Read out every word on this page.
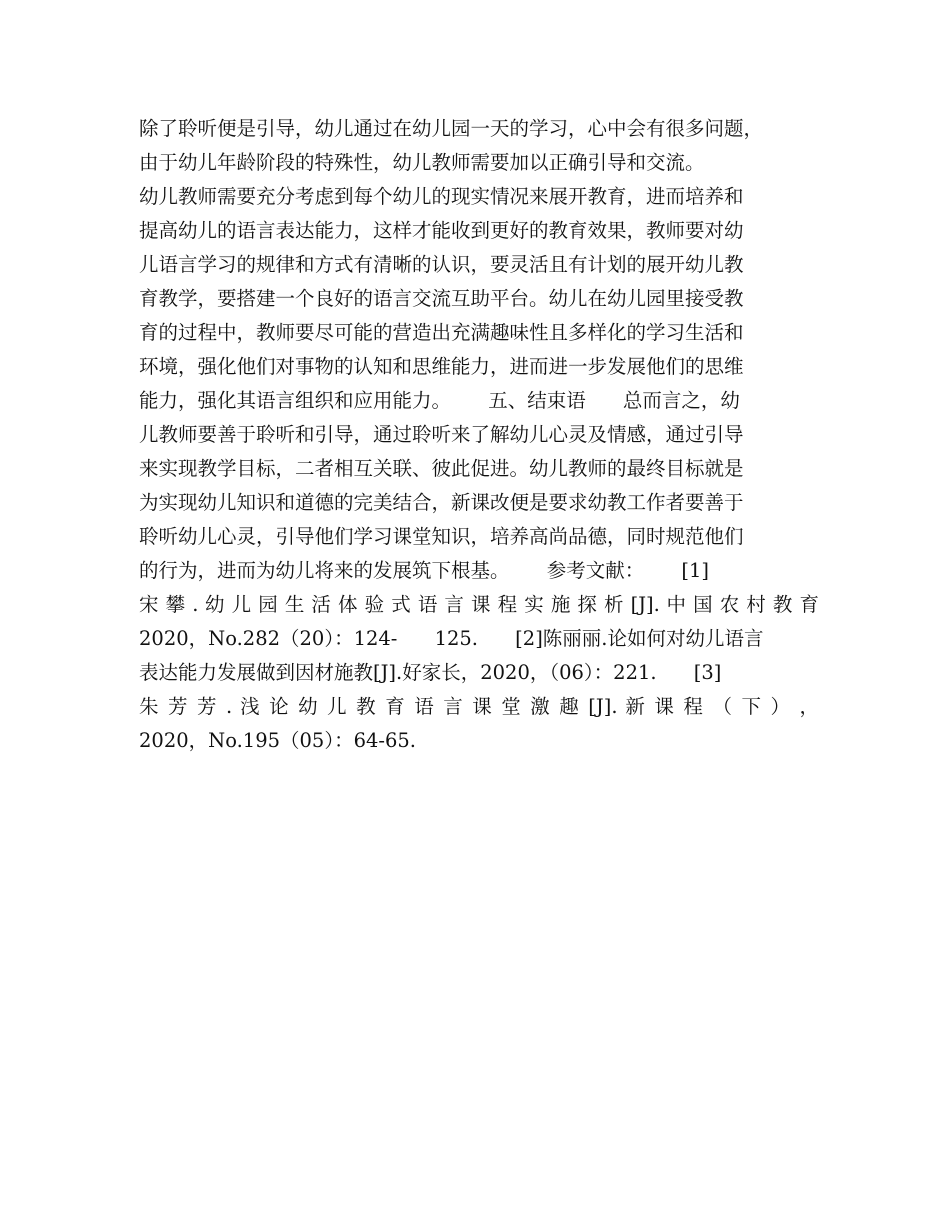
除了聆听便是引导，幼儿通过在幼儿园一天的学习，心中会有很多问题，
由于幼儿年龄阶段的特殊性，幼儿教师需要加以正确引导和交流。
幼儿教师需要充分考虑到每个幼儿的现实情况来展开教育，进而培养和
提高幼儿的语言表达能力，这样才能收到更好的教育效果，教师要对幼
儿语言学习的规律和方式有清晰的认识，要灵活且有计划的展开幼儿教
育教学，要搭建一个良好的语言交流互助平台。幼儿在幼儿园里接受教
育的过程中，教师要尽可能的营造出充满趣味性且多样化的学习生活和
环境，强化他们对事物的认知和思维能力，进而进一步发展他们的思维
能力，强化其语言组织和应用能力。      五、结束语      总而言之，幼
儿教师要善于聆听和引导，通过聆听来了解幼儿心灵及情感，通过引导
来实现教学目标，二者相互关联、彼此促进。幼儿教师的最终目标就是
为实现幼儿知识和道德的完美结合，新课改便是要求幼教工作者要善于
聆听幼儿心灵，引导他们学习课堂知识，培养高尚品德，同时规范他们
的行为，进而为幼儿将来的发展筑下根基。      参考文献：      [1]
宋 攀 . 幼 儿 园 生 活 体 验 式 语 言 课 程 实 施 探 析 [J]. 中 国 农 村 教 育
2020，No.282（20）：124-      125.      [2]陈丽丽.论如何对幼儿语言
表达能力发展做到因材施教[J].好家长，2020，（06）：221.      [3]
朱 芳 芳 . 浅 论 幼 儿 教 育 语 言 课 堂 激 趣 [J]. 新 课 程 （ 下 ） ，
2020，No.195（05）：64-65.
